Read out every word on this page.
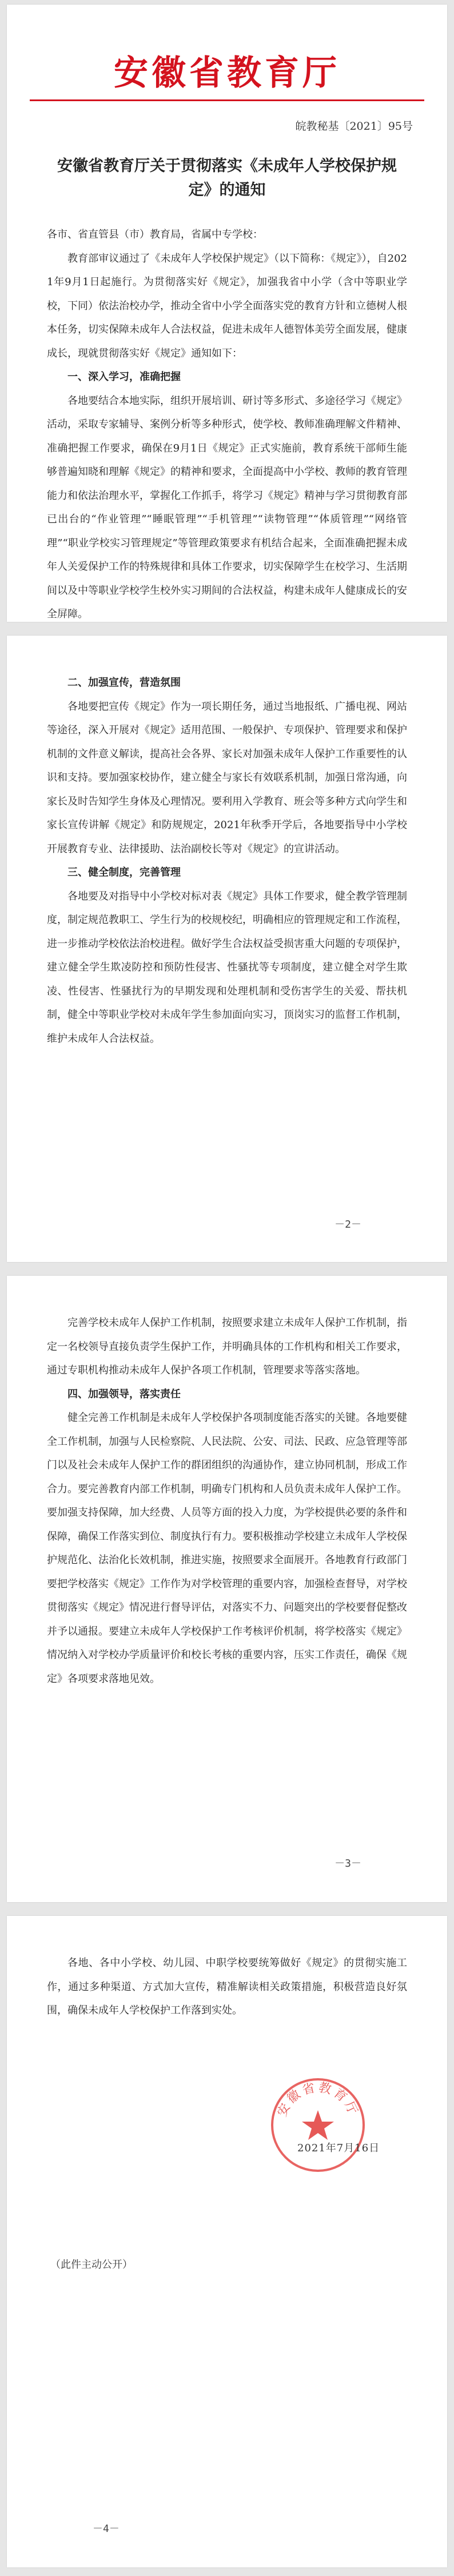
安徽省教育厅
皖教秘基〔2021〕95号
安徽省教育厅关于贯彻落实《未成年人学校保护规定》的通知

各市、省直管县（市）教育局，省属中专学校：

教育部审议通过了《未成年人学校保护规定》（以下简称：《规定》），自2021年9月1日起施行。为贯彻落实好《规定》，加强我省中小学（含中等职业学校，下同）依法治校办学，推动全省中小学全面落实党的教育方针和立德树人根本任务，切实保障未成年人合法权益，促进未成年人德智体美劳全面发展，健康成长，现就贯彻落实好《规定》通知如下：

一、深入学习，准确把握

各地要结合本地实际，组织开展培训、研讨等多形式、多途径学习《规定》活动，采取专家辅导、案例分析等多种形式，使学校、教师准确理解文件精神、准确把握工作要求，确保在9月1日《规定》正式实施前，教育系统干部师生能够普遍知晓和理解《规定》的精神和要求，全面提高中小学校、教师的教育管理能力和依法治理水平，掌握化工作抓手，将学习《规定》精神与学习贯彻教育部已出台的“作业管理”“睡眠管理”“手机管理”“读物管理”“体质管理”“网络管理”“职业学校实习管理规定”等管理政策要求有机结合起来，全面准确把握未成年人关爱保护工作的特殊规律和具体工作要求，切实保障学生在校学习、生活期间以及中等职业学校学生校外实习期间的合法权益，构建未成年人健康成长的安全屏障。

二、加强宣传，营造氛围

各地要把宣传《规定》作为一项长期任务，通过当地报纸、广播电视、网站等途径，深入开展对《规定》适用范围、一般保护、专项保护、管理要求和保护机制的文件意义解读，提高社会各界、家长对加强未成年人保护工作重要性的认识和支持。要加强家校协作，建立健全与家长有效联系机制，加强日常沟通，向家长及时告知学生身体及心理情况。要利用入学教育、班会等多种方式向学生和家长宣传讲解《规定》和防规规定，2021年秋季开学后，各地要指导中小学校开展教育专业、法律援助、法治副校长等对《规定》的宣讲活动。

三、健全制度，完善管理

各地要及对指导中小学校对标对表《规定》具体工作要求，健全教学管理制度，制定规范教职工、学生行为的校规校纪，明确相应的管理规定和工作流程，进一步推动学校依法治校进程。做好学生合法权益受损害重大问题的专项保护，建立健全学生欺凌防控和预防性侵害、性骚扰等专项制度，建立健全对学生欺凌、性侵害、性骚扰行为的早期发现和处理机制和受伤害学生的关爱、帮扶机制，健全中等职业学校对未成年学生参加面向实习，顶岗实习的监督工作机制，维护未成年人合法权益。

－2－

完善学校未成年人保护工作机制，按照要求建立未成年人保护工作机制，指定一名校领导直接负责学生保护工作，并明确具体的工作机构和相关工作要求，通过专职机构推动未成年人保护各项工作机制，管理要求等落实落地。

四、加强领导，落实责任

健全完善工作机制是未成年人学校保护各项制度能否落实的关键。各地要健全工作机制，加强与人民检察院、人民法院、公安、司法、民政、应急管理等部门以及社会未成年人保护工作的群团组织的沟通协作，建立协同机制，形成工作合力。要完善教育内部工作机制，明确专门机构和人员负责未成年人保护工作。要加强支持保障，加大经费、人员等方面的投入力度，为学校提供必要的条件和保障，确保工作落实到位、制度执行有力。要积极推动学校建立未成年人学校保护规范化、法治化长效机制，推进实施，按照要求全面展开。各地教育行政部门要把学校落实《规定》工作作为对学校管理的重要内容，加强检查督导，对学校贯彻落实《规定》情况进行督导评估，对落实不力、问题突出的学校要督促整改并予以通报。要建立未成年人学校保护工作考核评价机制，将学校落实《规定》情况纳入对学校办学质量评价和校长考核的重要内容，压实工作责任，确保《规定》各项要求落地见效。

－3－

各地、各中小学校、幼儿园、中职学校要统筹做好《规定》的贯彻实施工作，通过多种渠道、方式加大宣传，精准解读相关政策措施，积极营造良好氛围，确保未成年人学校保护工作落到实处。

安徽省教育厅
2021年7月16日
（此件主动公开）
－4－
